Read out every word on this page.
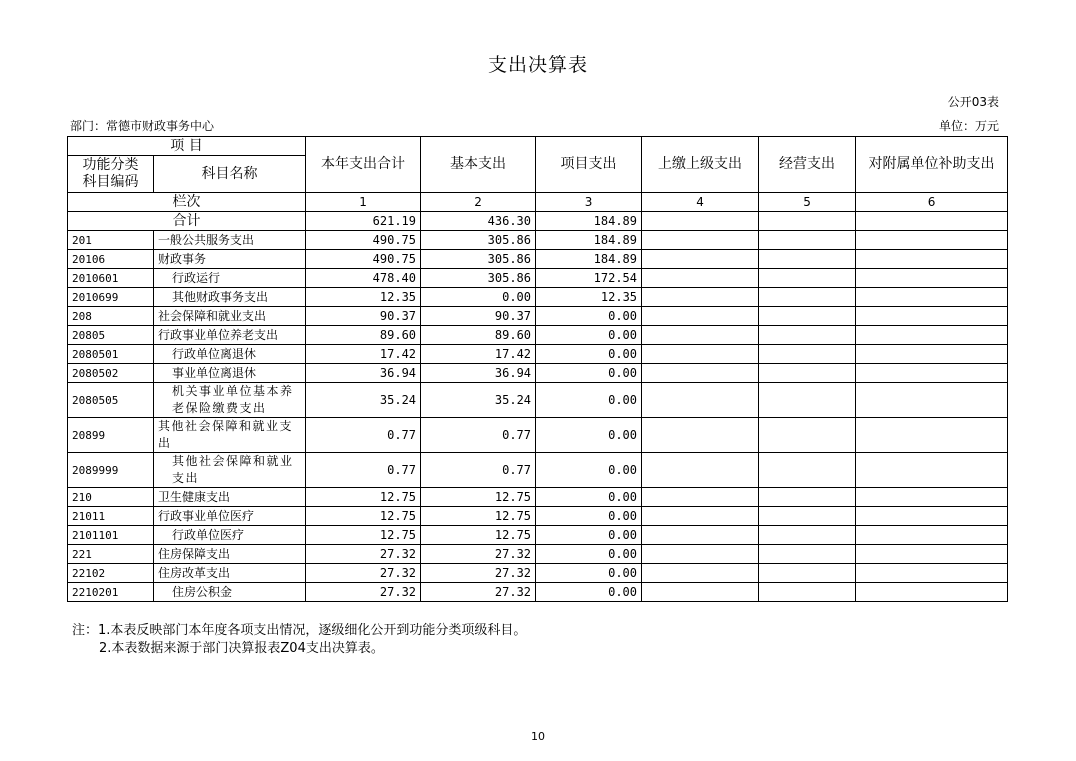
支出决算表
公开03表
部门：常德市财政事务中心	单位：万元
项 目		本年支出合计	基本支出	项目支出	上缴上级支出	经营支出	对附属单位补助支出
功能分类
科目编码	科目名称						
栏次		1	2	3	4	5	6
合计		621.19	436.30	184.89			
201	一般公共服务支出	490.75	305.86	184.89			
20106	财政事务	490.75	305.86	184.89			
2010601	行政运行	478.40	305.86	172.54			
2010699	其他财政事务支出	12.35	0.00	12.35			
208	社会保障和就业支出	90.37	90.37	0.00			
20805	行政事业单位养老支出	89.60	89.60	0.00			
2080501	行政单位离退休	17.42	17.42	0.00			
2080502	事业单位离退休	36.94	36.94	0.00			
2080505	机关事业单位基本养老保险缴费支出	35.24	35.24	0.00			
20899	其他社会保障和就业支出	0.77	0.77	0.00			
2089999	其他社会保障和就业支出	0.77	0.77	0.00			
210	卫生健康支出	12.75	12.75	0.00			
21011	行政事业单位医疗	12.75	12.75	0.00			
2101101	行政单位医疗	12.75	12.75	0.00			
221	住房保障支出	27.32	27.32	0.00			
22102	住房改革支出	27.32	27.32	0.00			
2210201	住房公积金	27.32	27.32	0.00			
注：1.本表反映部门本年度各项支出情况，逐级细化公开到功能分类项级科目。
2.本表数据来源于部门决算报表Z04支出决算表。
10
